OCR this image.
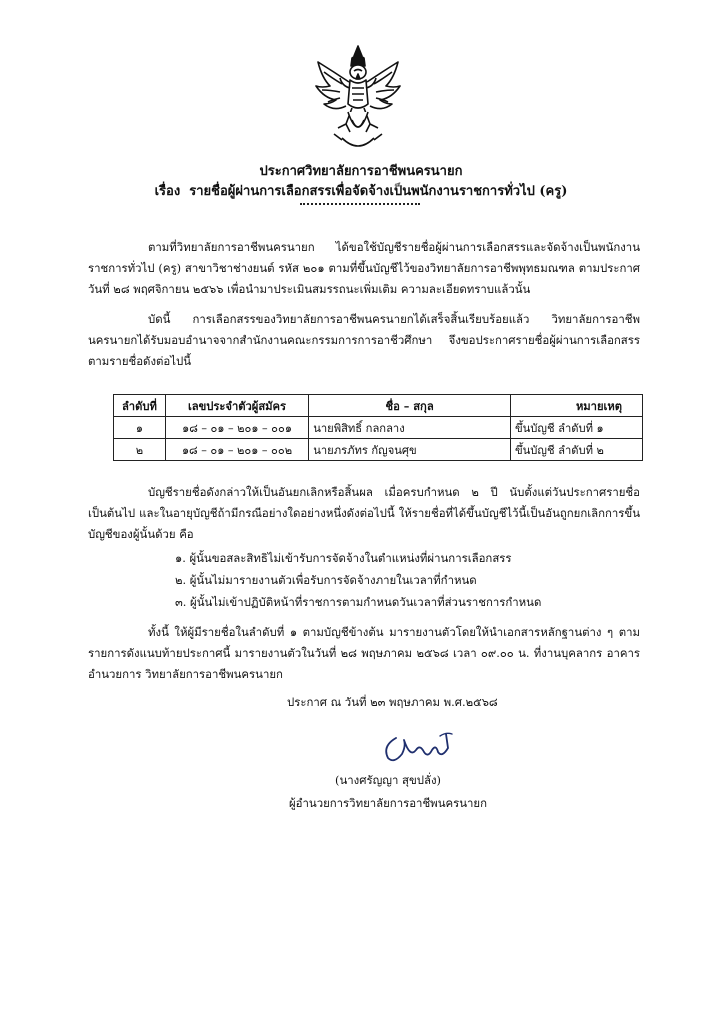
ประกาศวิทยาลัยการอาชีพนครนายก
เรื่อง รายชื่อผู้ผ่านการเลือกสรรเพื่อจัดจ้างเป็นพนักงานราชการทั่วไป (ครู)
ตามที่วิทยาลัยการอาชีพนครนายก ได้ขอใช้บัญชีรายชื่อผู้ผ่านการเลือกสรรและจัดจ้างเป็นพนักงานราชการทั่วไป (ครู) สาขาวิชาช่างยนต์ รหัส ๒๐๑ ตามที่ขึ้นบัญชีไว้ของวิทยาลัยการอาชีพพุทธมณฑล ตามประกาศวันที่ ๒๘ พฤศจิกายน ๒๕๖๖ เพื่อนำมาประเมินสมรรถนะเพิ่มเติม ความละเอียดทราบแล้วนั้น
บัดนี้ การเลือกสรรของวิทยาลัยการอาชีพนครนายกได้เสร็จสิ้นเรียบร้อยแล้ว วิทยาลัยการอาชีพนครนายกได้รับมอบอำนาจจากสำนักงานคณะกรรมการการอาชีวศึกษา จึงขอประกาศรายชื่อผู้ผ่านการเลือกสรร ตามรายชื่อดังต่อไปนี้
ลำดับที่	เลขประจำตัวผู้สมัคร	ชื่อ – สกุล	หมายเหตุ
๑	๑๘ – ๐๑ – ๒๐๑ – ๐๐๑	นายพิสิทธิ์ กลกลาง	ขึ้นบัญชี ลำดับที่ ๑
๒	๑๘ – ๐๑ – ๒๐๑ – ๐๐๒	นายภรภัทร กัญจนศุข	ขึ้นบัญชี ลำดับที่ ๒
บัญชีรายชื่อดังกล่าวให้เป็นอันยกเลิกหรือสิ้นผล เมื่อครบกำหนด ๒ ปี นับตั้งแต่วันประกาศรายชื่อเป็นต้นไป และในอายุบัญชีถ้ามีกรณีอย่างใดอย่างหนึ่งดังต่อไปนี้ ให้รายชื่อที่ได้ขึ้นบัญชีไว้นี้เป็นอันถูกยกเลิกการขึ้นบัญชีของผู้นั้นด้วย คือ
๑. ผู้นั้นขอสละสิทธิไม่เข้ารับการจัดจ้างในตำแหน่งที่ผ่านการเลือกสรร
๒. ผู้นั้นไม่มารายงานตัวเพื่อรับการจัดจ้างภายในเวลาที่กำหนด
๓. ผู้นั้นไม่เข้าปฏิบัติหน้าที่ราชการตามกำหนดวันเวลาที่ส่วนราชการกำหนด
ทั้งนี้ ให้ผู้มีรายชื่อในลำดับที่ ๑ ตามบัญชีข้างต้น มารายงานตัวโดยให้นำเอกสารหลักฐานต่าง ๆ ตามรายการดังแนบท้ายประกาศนี้ มารายงานตัวในวันที่ ๒๘ พฤษภาคม ๒๕๖๘ เวลา ๐๙.๐๐ น. ที่งานบุคลากร อาคารอำนวยการ วิทยาลัยการอาชีพนครนายก
ประกาศ ณ วันที่ ๒๓ พฤษภาคม พ.ศ.๒๕๖๘
(นางศรัญญา สุขปลั่ง)
ผู้อำนวยการวิทยาลัยการอาชีพนครนายก
